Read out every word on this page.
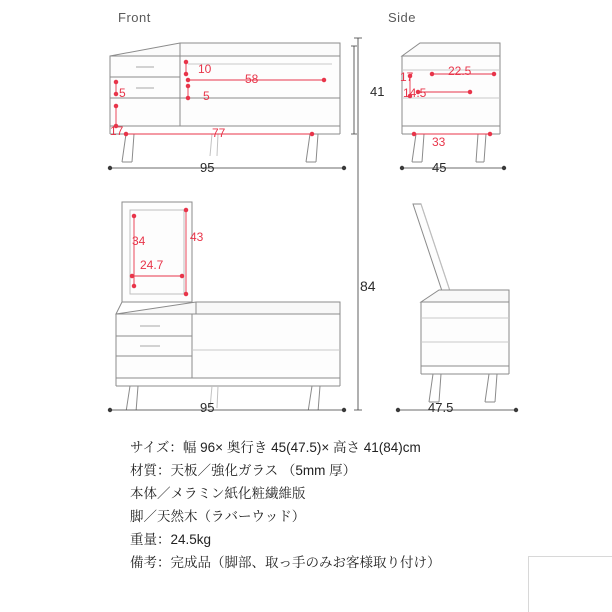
Front	Side
10
58
5	5
17	77
95
41
17	22.5
14.5
33
45
34	43
24.7
95
84
47.5
サイズ：幅 96× 奥行き 45(47.5)× 高さ 41(84)cm
材質：天板／強化ガラス （5mm 厚）
本体／メラミン紙化粧繊維版
脚／天然木（ラバーウッド）
重量：24.5kg
備考：完成品（脚部、取っ手のみお客様取り付け）
